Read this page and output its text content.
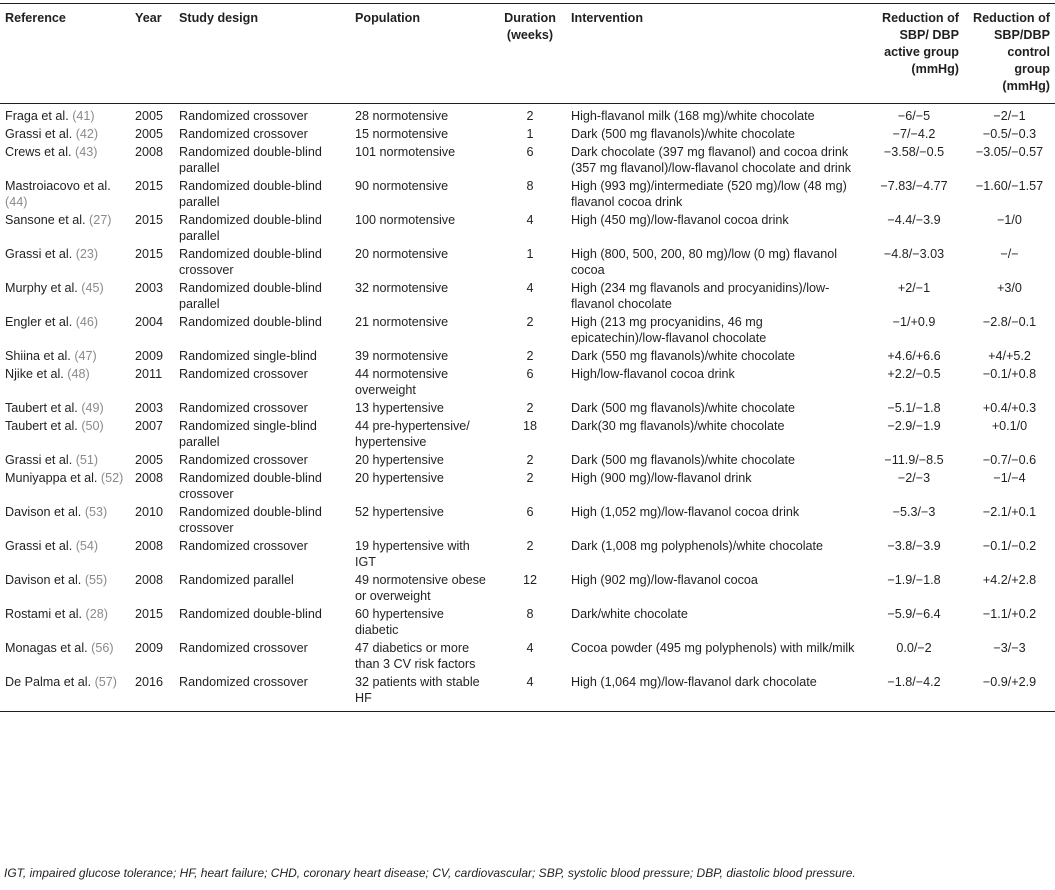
Reference	Year	Study design	Population	Duration (weeks)	Intervention	Reduction of SBP/ DBP active group (mmHg)	Reduction of SBP/DBP control group (mmHg)
Fraga et al. (41)	2005	Randomized crossover	28 normotensive	2	High-flavanol milk (168 mg)/white chocolate	−6/−5	−2/−1
Grassi et al. (42)	2005	Randomized crossover	15 normotensive	1	Dark (500 mg flavanols)/white chocolate	−7/−4.2	−0.5/−0.3
Crews et al. (43)	2008	Randomized double-blind parallel	101 normotensive	6	Dark chocolate (397 mg flavanol) and cocoa drink (357 mg flavanol)/low-flavanol chocolate and drink	−3.58/−0.5	−3.05/−0.57
Mastroiacovo et al. (44)	2015	Randomized double-blind parallel	90 normotensive	8	High (993 mg)/intermediate (520 mg)/low (48 mg) flavanol cocoa drink	−7.83/−4.77	−1.60/−1.57
Sansone et al. (27)	2015	Randomized double-blind parallel	100 normotensive	4	High (450 mg)/low-flavanol cocoa drink	−4.4/−3.9	−1/0
Grassi et al. (23)	2015	Randomized double-blind crossover	20 normotensive	1	High (800, 500, 200, 80 mg)/low (0 mg) flavanol cocoa	−4.8/−3.03	−/−
Murphy et al. (45)	2003	Randomized double-blind parallel	32 normotensive	4	High (234 mg flavanols and procyanidins)/low-flavanol chocolate	+2/−1	+3/0
Engler et al. (46)	2004	Randomized double-blind	21 normotensive	2	High (213 mg procyanidins, 46 mg epicatechin)/low-flavanol chocolate	−1/+0.9	−2.8/−0.1
Shiina et al. (47)	2009	Randomized single-blind	39 normotensive	2	Dark (550 mg flavanols)/white chocolate	+4.6/+6.6	+4/+5.2
Njike et al. (48)	2011	Randomized crossover	44 normotensive overweight	6	High/low-flavanol cocoa drink	+2.2/−0.5	−0.1/+0.8
Taubert et al. (49)	2003	Randomized crossover	13 hypertensive	2	Dark (500 mg flavanols)/white chocolate	−5.1/−1.8	+0.4/+0.3
Taubert et al. (50)	2007	Randomized single-blind parallel	44 pre-hypertensive/ hypertensive	18	Dark(30 mg flavanols)/white chocolate	−2.9/−1.9	+0.1/0
Grassi et al. (51)	2005	Randomized crossover	20 hypertensive	2	Dark (500 mg flavanols)/white chocolate	−11.9/−8.5	−0.7/−0.6
Muniyappa et al. (52)	2008	Randomized double-blind crossover	20 hypertensive	2	High (900 mg)/low-flavanol drink	−2/−3	−1/−4
Davison et al. (53)	2010	Randomized double-blind crossover	52 hypertensive	6	High (1,052 mg)/low-flavanol cocoa drink	−5.3/−3	−2.1/+0.1
Grassi et al. (54)	2008	Randomized crossover	19 hypertensive with IGT	2	Dark (1,008 mg polyphenols)/white chocolate	−3.8/−3.9	−0.1/−0.2
Davison et al. (55)	2008	Randomized parallel	49 normotensive obese or overweight	12	High (902 mg)/low-flavanol cocoa	−1.9/−1.8	+4.2/+2.8
Rostami et al. (28)	2015	Randomized double-blind	60 hypertensive diabetic	8	Dark/white chocolate	−5.9/−6.4	−1.1/+0.2
Monagas et al. (56)	2009	Randomized crossover	47 diabetics or more than 3 CV risk factors	4	Cocoa powder (495 mg polyphenols) with milk/milk	0.0/−2	−3/−3
De Palma et al. (57)	2016	Randomized crossover	32 patients with stable HF	4	High (1,064 mg)/low-flavanol dark chocolate	−1.8/−4.2	−0.9/+2.9
IGT, impaired glucose tolerance; HF, heart failure; CHD, coronary heart disease; CV, cardiovascular; SBP, systolic blood pressure; DBP, diastolic blood pressure.
